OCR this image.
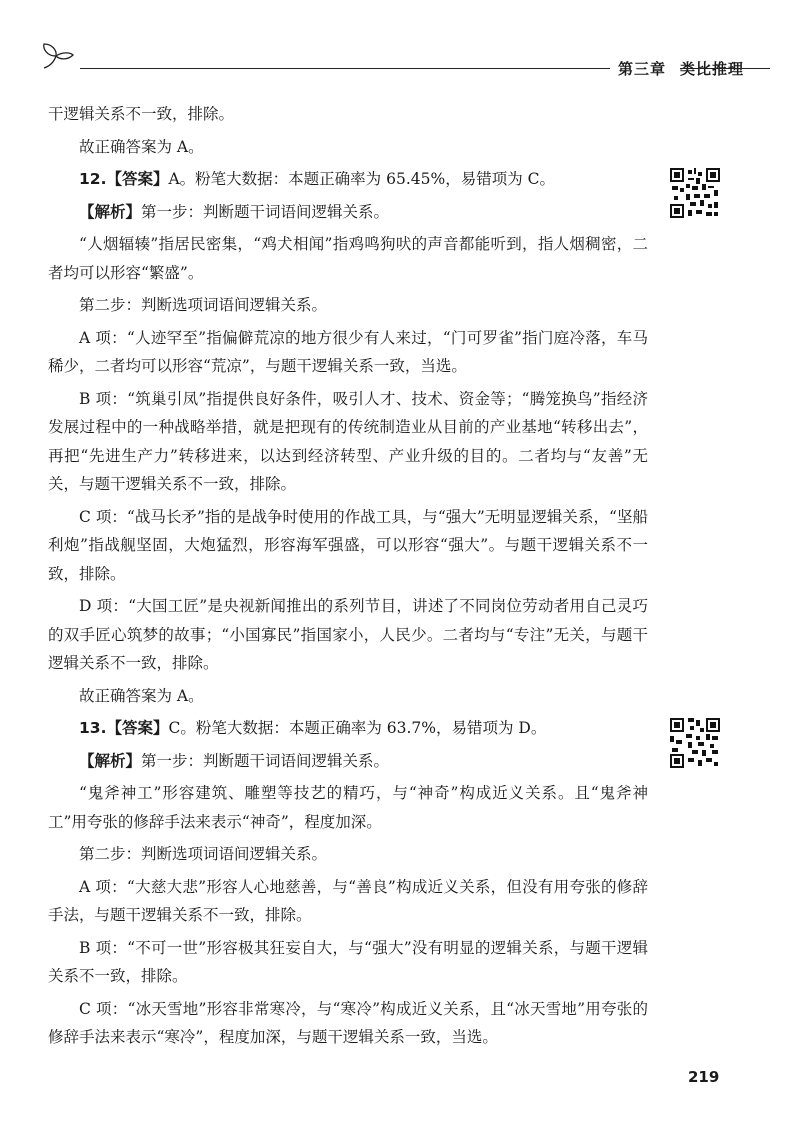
第三章 类比推理

干逻辑关系不一致，排除。

故正确答案为 A。

12.【答案】A。粉笔大数据：本题正确率为 65.45%，易错项为 C。

【解析】第一步：判断题干词语间逻辑关系。

“人烟辐辏”指居民密集，“鸡犬相闻”指鸡鸣狗吠的声音都能听到，指人烟稠密，二者均可以形容“繁盛”。

第二步：判断选项词语间逻辑关系。

A 项：“人迹罕至”指偏僻荒凉的地方很少有人来过，“门可罗雀”指门庭冷落，车马稀少，二者均可以形容“荒凉”，与题干逻辑关系一致，当选。

B 项：“筑巢引凤”指提供良好条件，吸引人才、技术、资金等；“腾笼换鸟”指经济发展过程中的一种战略举措，就是把现有的传统制造业从目前的产业基地“转移出去”，再把“先进生产力”转移进来，以达到经济转型、产业升级的目的。二者均与“友善”无关，与题干逻辑关系不一致，排除。

C 项：“战马长矛”指的是战争时使用的作战工具，与“强大”无明显逻辑关系，“坚船利炮”指战舰坚固，大炮猛烈，形容海军强盛，可以形容“强大”。与题干逻辑关系不一致，排除。

D 项：“大国工匠”是央视新闻推出的系列节目，讲述了不同岗位劳动者用自己灵巧的双手匠心筑梦的故事；“小国寡民”指国家小，人民少。二者均与“专注”无关，与题干逻辑关系不一致，排除。

故正确答案为 A。

13.【答案】C。粉笔大数据：本题正确率为 63.7%，易错项为 D。

【解析】第一步：判断题干词语间逻辑关系。

“鬼斧神工”形容建筑、雕塑等技艺的精巧，与“神奇”构成近义关系。且“鬼斧神工”用夸张的修辞手法来表示“神奇”，程度加深。

第二步：判断选项词语间逻辑关系。

A 项：“大慈大悲”形容人心地慈善，与“善良”构成近义关系，但没有用夸张的修辞手法，与题干逻辑关系不一致，排除。

B 项：“不可一世”形容极其狂妄自大，与“强大”没有明显的逻辑关系，与题干逻辑关系不一致，排除。

C 项：“冰天雪地”形容非常寒冷，与“寒冷”构成近义关系，且“冰天雪地”用夸张的修辞手法来表示“寒冷”，程度加深，与题干逻辑关系一致，当选。

219
